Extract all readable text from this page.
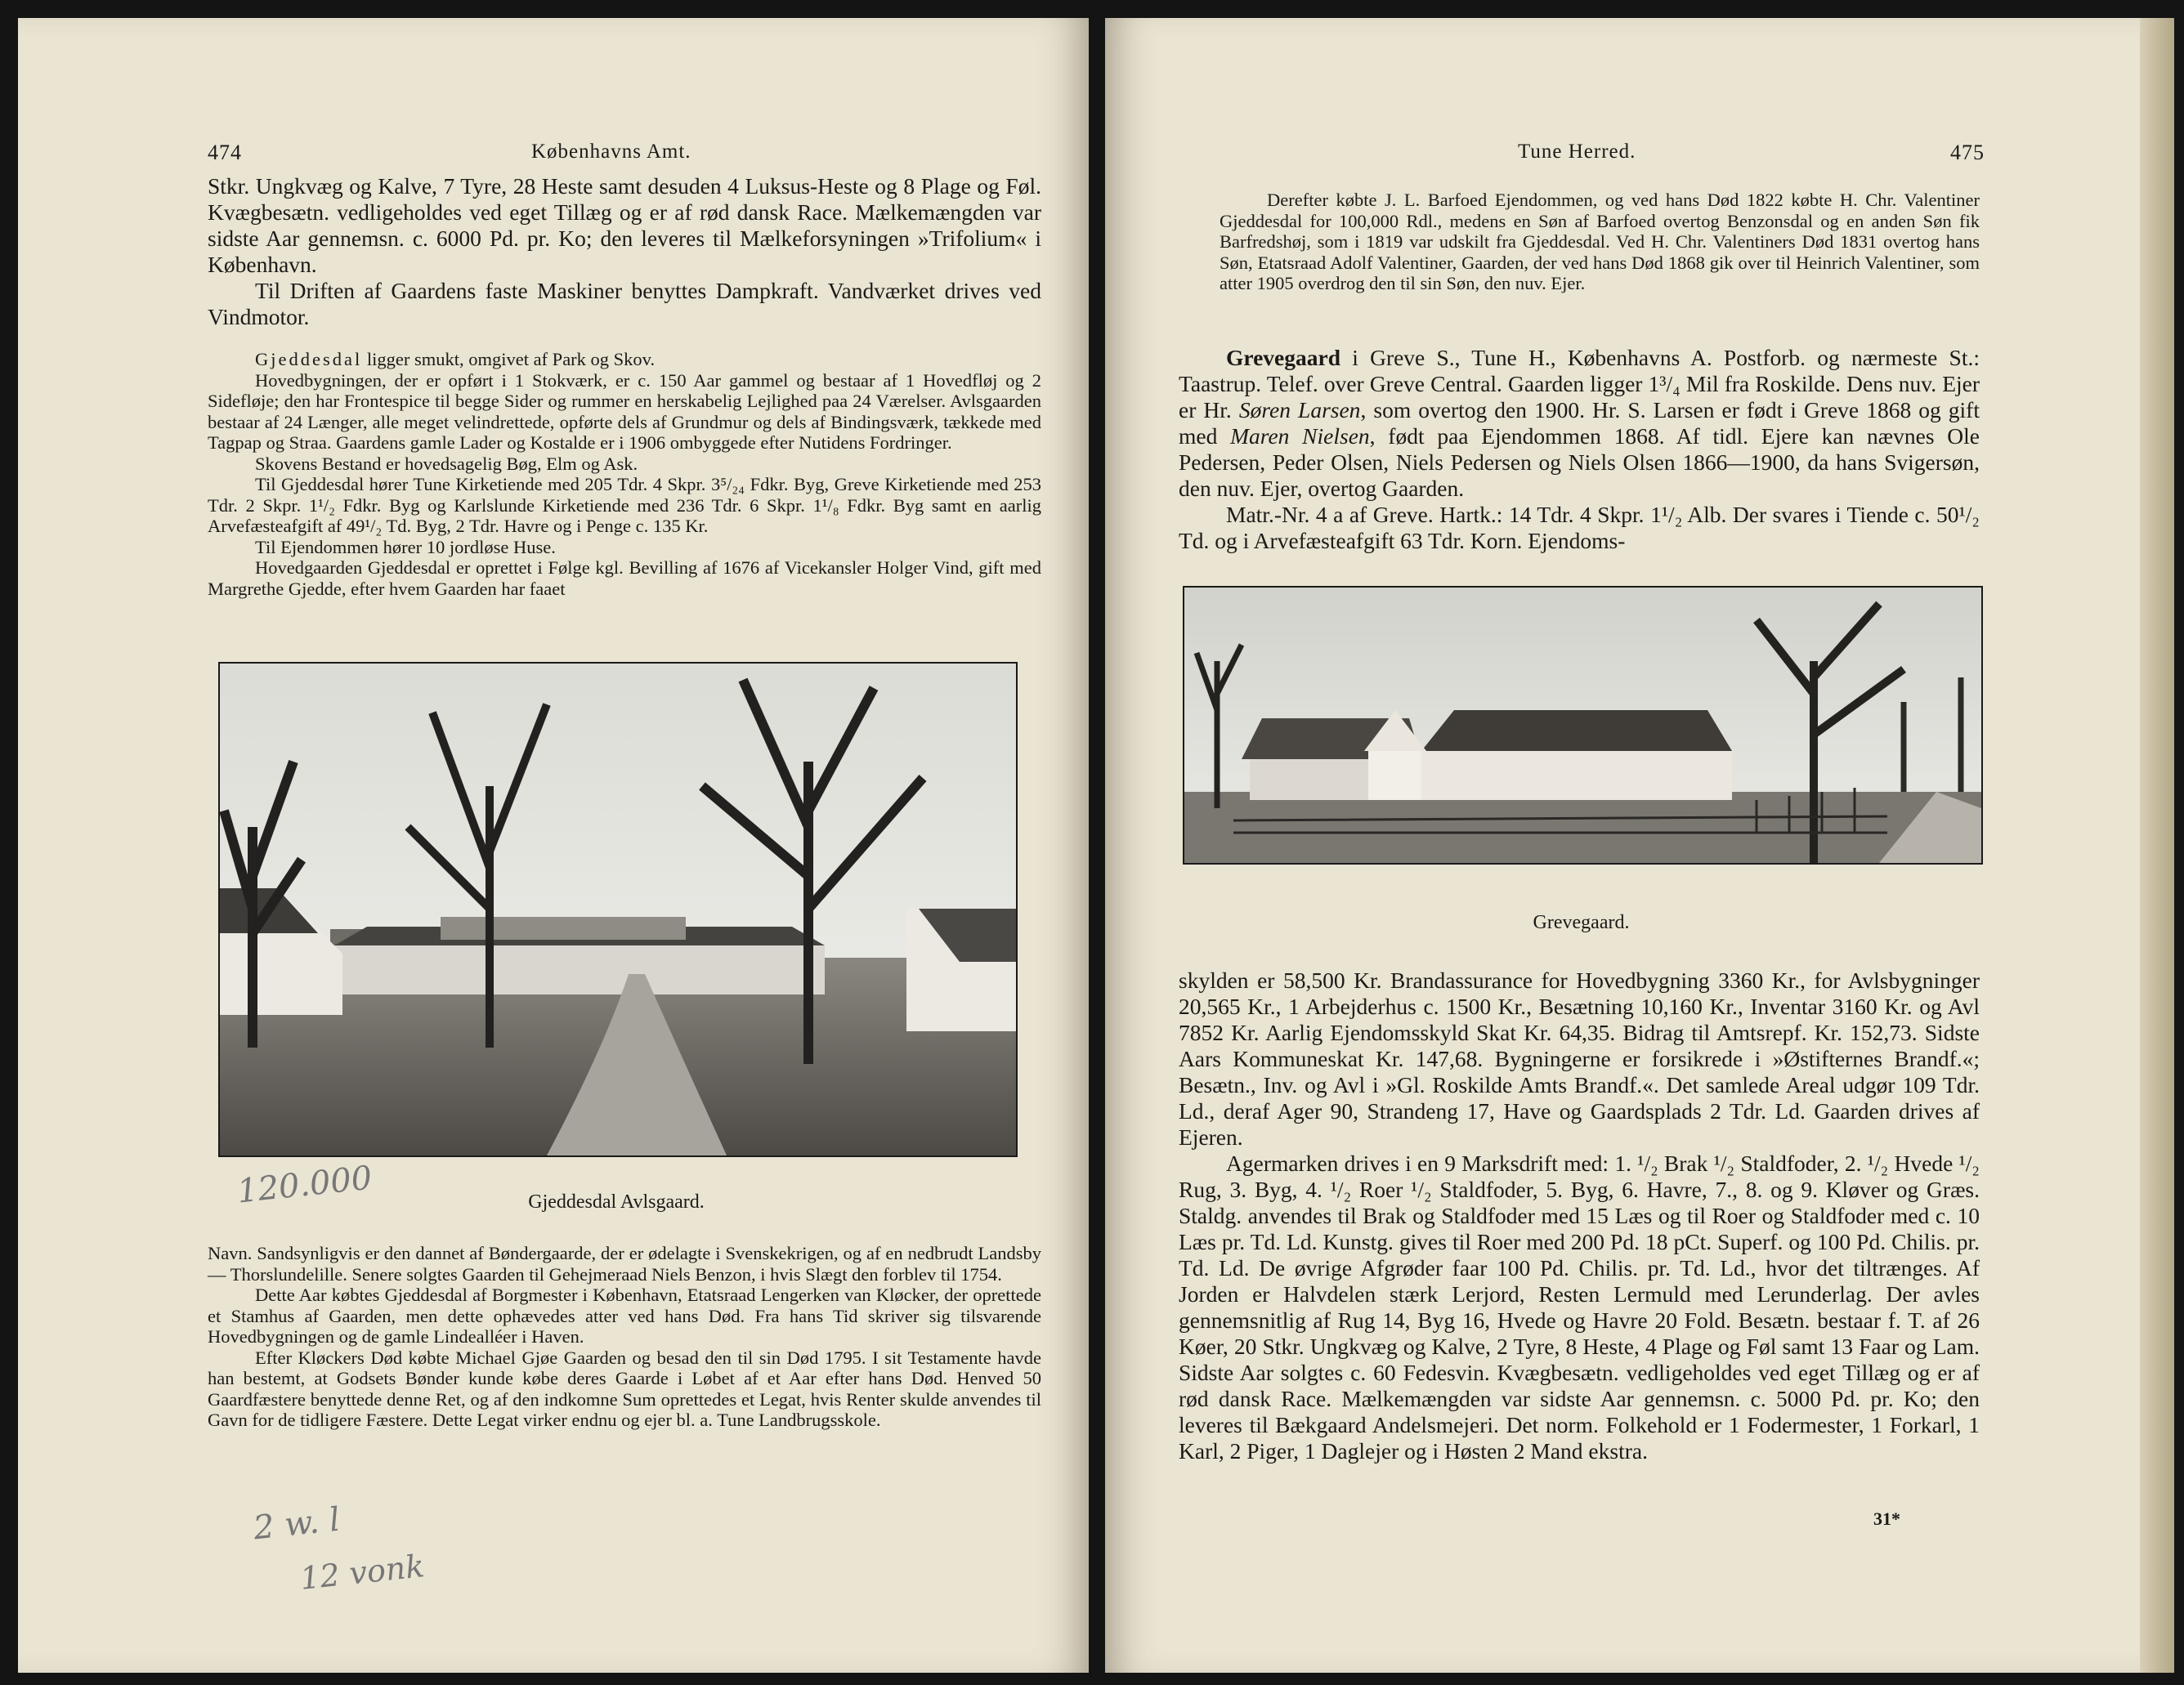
474	Københavns Amt.

Stkr. Ungkvæg og Kalve, 7 Tyre, 28 Heste samt desuden 4 Luksus-Heste og 8 Plage og Føl. Kvægbesætn. vedligeholdes ved eget Tillæg og er af rød dansk Race. Mælkemængden var sidste Aar gennemsn. c. 6000 Pd. pr. Ko; den leveres til Mælkeforsyningen »Trifolium« i København.

Til Driften af Gaardens faste Maskiner benyttes Dampkraft. Vandværket drives ved Vindmotor.

Gjeddesdal ligger smukt, omgivet af Park og Skov.

Hovedbygningen, der er opført i 1 Stokværk, er c. 150 Aar gammel og bestaar af 1 Hovedfløj og 2 Sidefløje; den har Frontespice til begge Sider og rummer en herskabelig Lejlighed paa 24 Værelser. Avlsgaarden bestaar af 24 Længer, alle meget velindrettede, opførte dels af Grundmur og dels af Bindingsværk, tækkede med Tagpap og Straa. Gaardens gamle Lader og Kostalde er i 1906 ombyggede efter Nutidens Fordringer.

Skovens Bestand er hovedsagelig Bøg, Elm og Ask.

Til Gjeddesdal hører Tune Kirketiende med 205 Tdr. 4 Skpr. 3⁵/₂₄ Fdkr. Byg, Greve Kirketiende med 253 Tdr. 2 Skpr. 1¹/₂ Fdkr. Byg og Karlslunde Kirketiende med 236 Tdr. 6 Skpr. 1¹/₈ Fdkr. Byg samt en aarlig Arvefæsteafgift af 49¹/₂ Td. Byg, 2 Tdr. Havre og i Penge c. 135 Kr.

Til Ejendommen hører 10 jordløse Huse.

Hovedgaarden Gjeddesdal er oprettet i Følge kgl. Bevilling af 1676 af Vicekansler Holger Vind, gift med Margrethe Gjedde, efter hvem Gaarden har faaet

Gjeddesdal Avlsgaard.

Navn. Sandsynligvis er den dannet af Bøndergaarde, der er ødelagte i Svenskekrigen, og af en nedbrudt Landsby — Thorslundelille. Senere solgtes Gaarden til Gehejmeraad Niels Benzon, i hvis Slægt den forblev til 1754.

Dette Aar købtes Gjeddesdal af Borgmester i København, Etatsraad Lengerken van Kløcker, der oprettede et Stamhus af Gaarden, men dette ophævedes atter ved hans Død. Fra hans Tid skriver sig tilsvarende Hovedbygningen og de gamle Lindealléer i Haven.

Efter Kløckers Død købte Michael Gjøe Gaarden og besad den til sin Død 1795. I sit Testamente havde han bestemt, at Godsets Bønder kunde købe deres Gaarde i Løbet af et Aar efter hans Død. Henved 50 Gaardfæstere benyttede denne Ret, og af den indkomne Sum oprettedes et Legat, hvis Renter skulde anvendes til Gavn for de tidligere Fæstere. Dette Legat virker endnu og ejer bl. a. Tune Landbrugsskole.

120.000
2 w. l
12 vonk
Tune Herred.	475

Derefter købte J. L. Barfoed Ejendommen, og ved hans Død 1822 købte H. Chr. Valentiner Gjeddesdal for 100,000 Rdl., medens en Søn af Barfoed overtog Benzonsdal og en anden Søn fik Barfredshøj, som i 1819 var udskilt fra Gjeddesdal. Ved H. Chr. Valentiners Død 1831 overtog hans Søn, Etatsraad Adolf Valentiner, Gaarden, der ved hans Død 1868 gik over til Heinrich Valentiner, som atter 1905 overdrog den til sin Søn, den nuv. Ejer.

Grevegaard i Greve S., Tune H., Københavns A. Postforb. og nærmeste St.: Taastrup. Telef. over Greve Central. Gaarden ligger 1³/₄ Mil fra Roskilde. Dens nuv. Ejer er Hr. Søren Larsen, som overtog den 1900. Hr. S. Larsen er født i Greve 1868 og gift med Maren Nielsen, født paa Ejendommen 1868. Af tidl. Ejere kan nævnes Ole Pedersen, Peder Olsen, Niels Pedersen og Niels Olsen 1866—1900, da hans Svigersøn, den nuv. Ejer, overtog Gaarden.

Matr.-Nr. 4 a af Greve. Hartk.: 14 Tdr. 4 Skpr. 1¹/₂ Alb. Der svares i Tiende c. 50¹/₂ Td. og i Arvefæsteafgift 63 Tdr. Korn. Ejendoms-

Grevegaard.

skylden er 58,500 Kr. Brandassurance for Hovedbygning 3360 Kr., for Avlsbygninger 20,565 Kr., 1 Arbejderhus c. 1500 Kr., Besætning 10,160 Kr., Inventar 3160 Kr. og Avl 7852 Kr. Aarlig Ejendomsskyld Skat Kr. 64,35. Bidrag til Amtsrepf. Kr. 152,73. Sidste Aars Kommuneskat Kr. 147,68. Bygningerne er forsikrede i »Østifternes Brandf.«; Besætn., Inv. og Avl i »Gl. Roskilde Amts Brandf.«. Det samlede Areal udgør 109 Tdr. Ld., deraf Ager 90, Strandeng 17, Have og Gaardsplads 2 Tdr. Ld. Gaarden drives af Ejeren.

Agermarken drives i en 9 Marksdrift med: 1. ¹/₂ Brak ¹/₂ Staldfoder, 2. ¹/₂ Hvede ¹/₂ Rug, 3. Byg, 4. ¹/₂ Roer ¹/₂ Staldfoder, 5. Byg, 6. Havre, 7., 8. og 9. Kløver og Græs. Staldg. anvendes til Brak og Staldfoder med 15 Læs og til Roer og Staldfoder med c. 10 Læs pr. Td. Ld. Kunstg. gives til Roer med 200 Pd. 18 pCt. Superf. og 100 Pd. Chilis. pr. Td. Ld. De øvrige Afgrøder faar 100 Pd. Chilis. pr. Td. Ld., hvor det tiltrænges. Af Jorden er Halvdelen stærk Lerjord, Resten Lermuld med Lerunderlag. Der avles gennemsnitlig af Rug 14, Byg 16, Hvede og Havre 20 Fold. Besætn. bestaar f. T. af 26 Køer, 20 Stkr. Ungkvæg og Kalve, 2 Tyre, 8 Heste, 4 Plage og Føl samt 13 Faar og Lam. Sidste Aar solgtes c. 60 Fedesvin. Kvægbesætn. vedligeholdes ved eget Tillæg og er af rød dansk Race. Mælkemængden var sidste Aar gennemsn. c. 5000 Pd. pr. Ko; den leveres til Bækgaard Andelsmejeri. Det norm. Folkehold er 1 Fodermester, 1 Forkarl, 1 Karl, 2 Piger, 1 Daglejer og i Høsten 2 Mand ekstra.

31*
